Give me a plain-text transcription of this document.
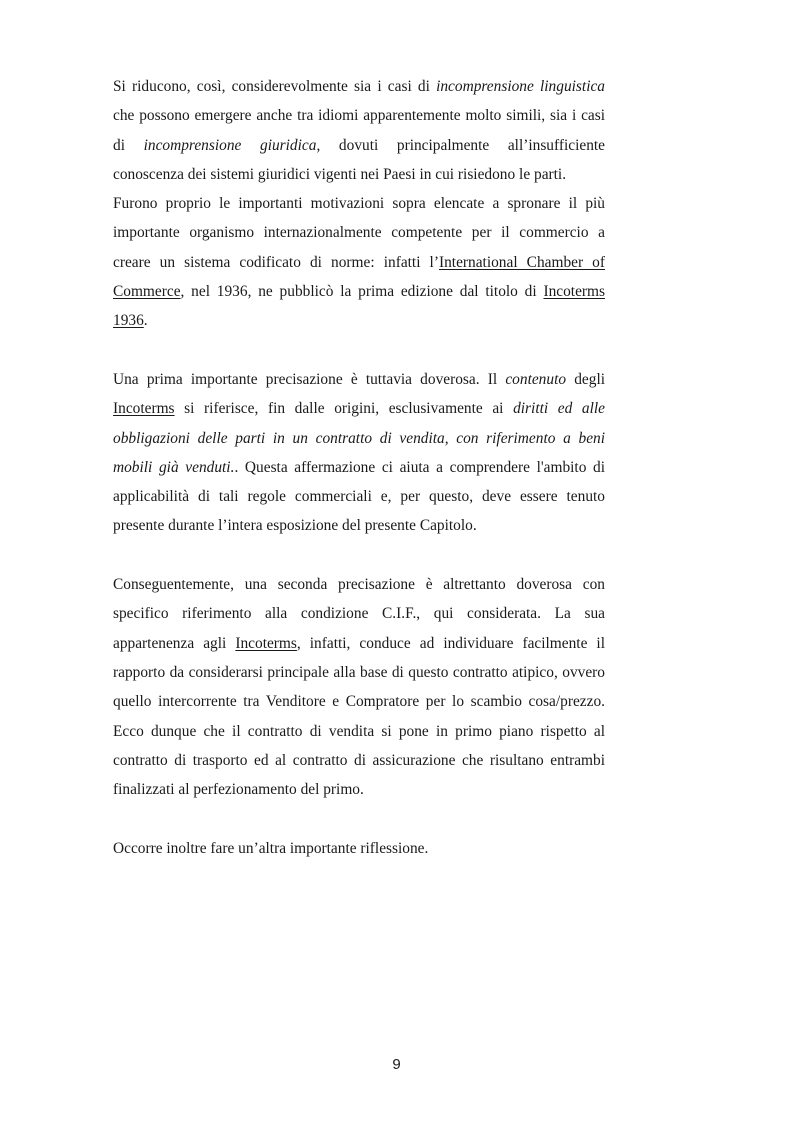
Si riducono, così, considerevolmente sia i casi di incomprensione linguistica che possono emergere anche tra idiomi apparentemente molto simili, sia i casi di incomprensione giuridica, dovuti principalmente all’insufficiente conoscenza dei sistemi giuridici vigenti nei Paesi in cui risiedono le parti.

Furono proprio le importanti motivazioni sopra elencate a spronare il più importante organismo internazionalmente competente per il commercio a creare un sistema codificato di norme: infatti l’International Chamber of Commerce, nel 1936, ne pubblicò la prima edizione dal titolo di Incoterms 1936.

Una prima importante precisazione è tuttavia doverosa. Il contenuto degli Incoterms si riferisce, fin dalle origini, esclusivamente ai diritti ed alle obbligazioni delle parti in un contratto di vendita, con riferimento a beni mobili già venduti.. Questa affermazione ci aiuta a comprendere l'ambito di applicabilità di tali regole commerciali e, per questo, deve essere tenuto presente durante l’intera esposizione del presente Capitolo.

Conseguentemente, una seconda precisazione è altrettanto doverosa con specifico riferimento alla condizione C.I.F., qui considerata. La sua appartenenza agli Incoterms, infatti, conduce ad individuare facilmente il rapporto da considerarsi principale alla base di questo contratto atipico, ovvero quello intercorrente tra Venditore e Compratore per lo scambio cosa/prezzo. Ecco dunque che il contratto di vendita si pone in primo piano rispetto al contratto di trasporto ed al contratto di assicurazione che risultano entrambi finalizzati al perfezionamento del primo.

Occorre inoltre fare un’altra importante riflessione.

9
